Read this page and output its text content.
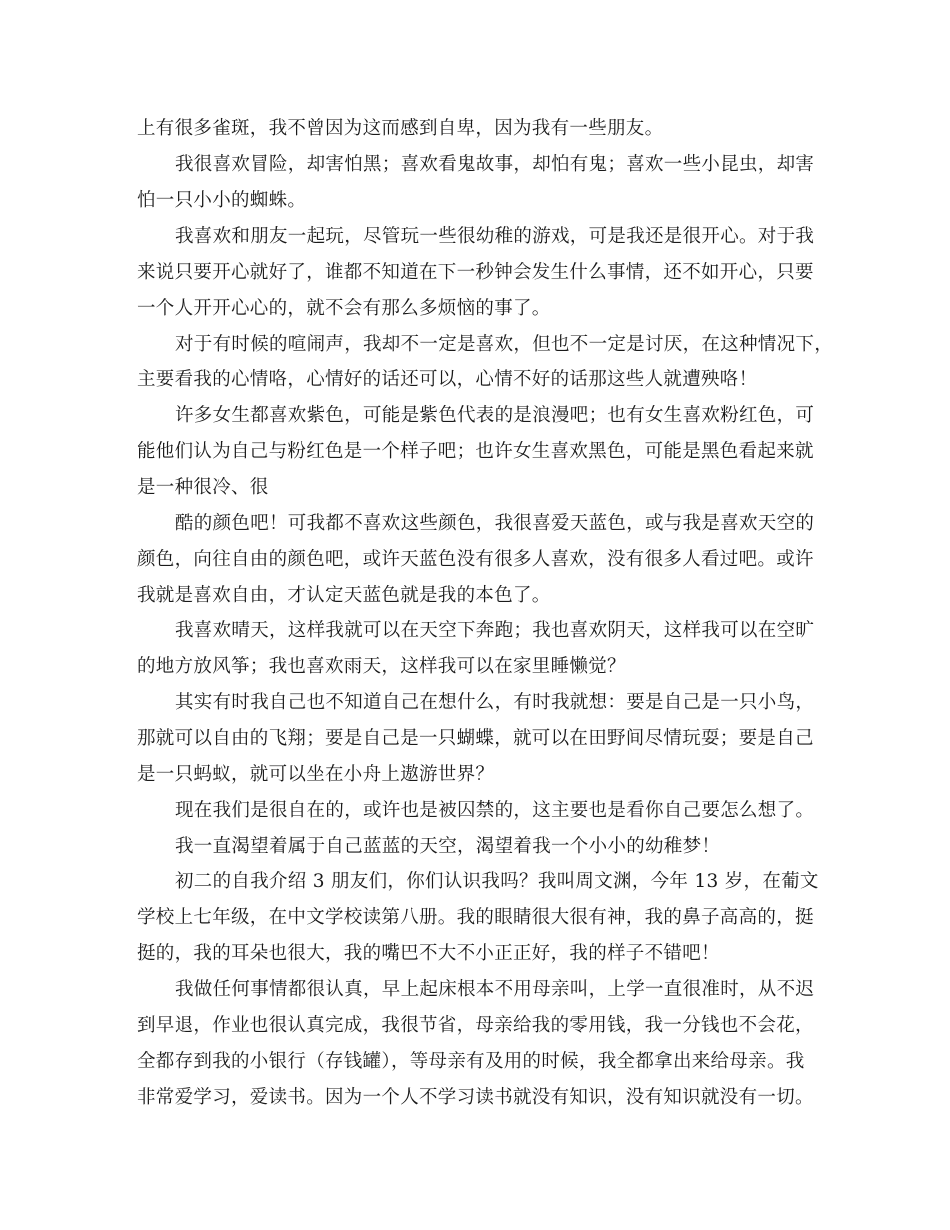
上有很多雀斑，我不曾因为这而感到自卑，因为我有一些朋友。
我很喜欢冒险，却害怕黑；喜欢看鬼故事，却怕有鬼；喜欢一些小昆虫，却害
怕一只小小的蜘蛛。
我喜欢和朋友一起玩，尽管玩一些很幼稚的游戏，可是我还是很开心。对于我
来说只要开心就好了，谁都不知道在下一秒钟会发生什么事情，还不如开心，只要
一个人开开心心的，就不会有那么多烦恼的事了。
对于有时候的喧闹声，我却不一定是喜欢，但也不一定是讨厌，在这种情况下，
主要看我的心情咯，心情好的话还可以，心情不好的话那这些人就遭殃咯！
许多女生都喜欢紫色，可能是紫色代表的是浪漫吧；也有女生喜欢粉红色，可
能他们认为自己与粉红色是一个样子吧；也许女生喜欢黑色，可能是黑色看起来就
是一种很冷、很
酷的颜色吧！可我都不喜欢这些颜色，我很喜爱天蓝色，或与我是喜欢天空的
颜色，向往自由的颜色吧，或许天蓝色没有很多人喜欢，没有很多人看过吧。或许
我就是喜欢自由，才认定天蓝色就是我的本色了。
我喜欢晴天，这样我就可以在天空下奔跑；我也喜欢阴天，这样我可以在空旷
的地方放风筝；我也喜欢雨天，这样我可以在家里睡懒觉？
其实有时我自己也不知道自己在想什么，有时我就想：要是自己是一只小鸟，
那就可以自由的飞翔；要是自己是一只蝴蝶，就可以在田野间尽情玩耍；要是自己
是一只蚂蚁，就可以坐在小舟上遨游世界？
现在我们是很自在的，或许也是被囚禁的，这主要也是看你自己要怎么想了。
我一直渴望着属于自己蓝蓝的天空，渴望着我一个小小的幼稚梦！
初二的自我介绍 3 朋友们，你们认识我吗？我叫周文渊，今年 13 岁，在葡文
学校上七年级，在中文学校读第八册。我的眼睛很大很有神，我的鼻子高高的，挺
挺的，我的耳朵也很大，我的嘴巴不大不小正正好，我的样子不错吧！
我做任何事情都很认真，早上起床根本不用母亲叫，上学一直很准时，从不迟
到早退，作业也很认真完成，我很节省，母亲给我的零用钱，我一分钱也不会花，
全都存到我的小银行（存钱罐），等母亲有及用的时候，我全都拿出来给母亲。我
非常爱学习，爱读书。因为一个人不学习读书就没有知识，没有知识就没有一切。
